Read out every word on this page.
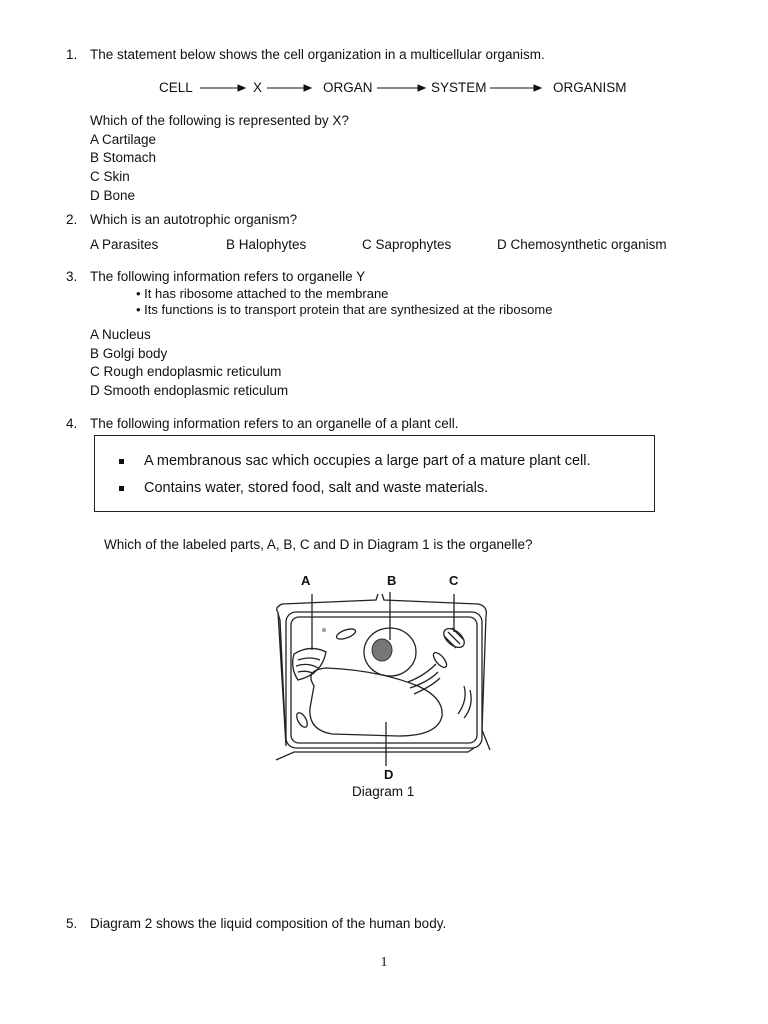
1. The statement below shows the cell organization in a multicellular organism.
CELL	X	ORGAN	SYSTEM	ORGANISM
Which of the following is represented by X?
A Cartilage
B Stomach
C Skin
D Bone
2. Which is an autotrophic organism?
A Parasites	B Halophytes	C Saprophytes	D Chemosynthetic organism
3. The following information refers to organelle Y
• It has ribosome attached to the membrane
• Its functions is to transport protein that are synthesized at the ribosome
A Nucleus
B Golgi body
C Rough endoplasmic reticulum
D Smooth endoplasmic reticulum
4. The following information refers to an organelle of a plant cell.
A membranous sac which occupies a large part of a mature plant cell.
Contains water, stored food, salt and waste materials.
Which of the labeled parts, A, B, C and D in Diagram 1 is the organelle?
A	B	C
D
Diagram 1
5. Diagram 2 shows the liquid composition of the human body.
1
